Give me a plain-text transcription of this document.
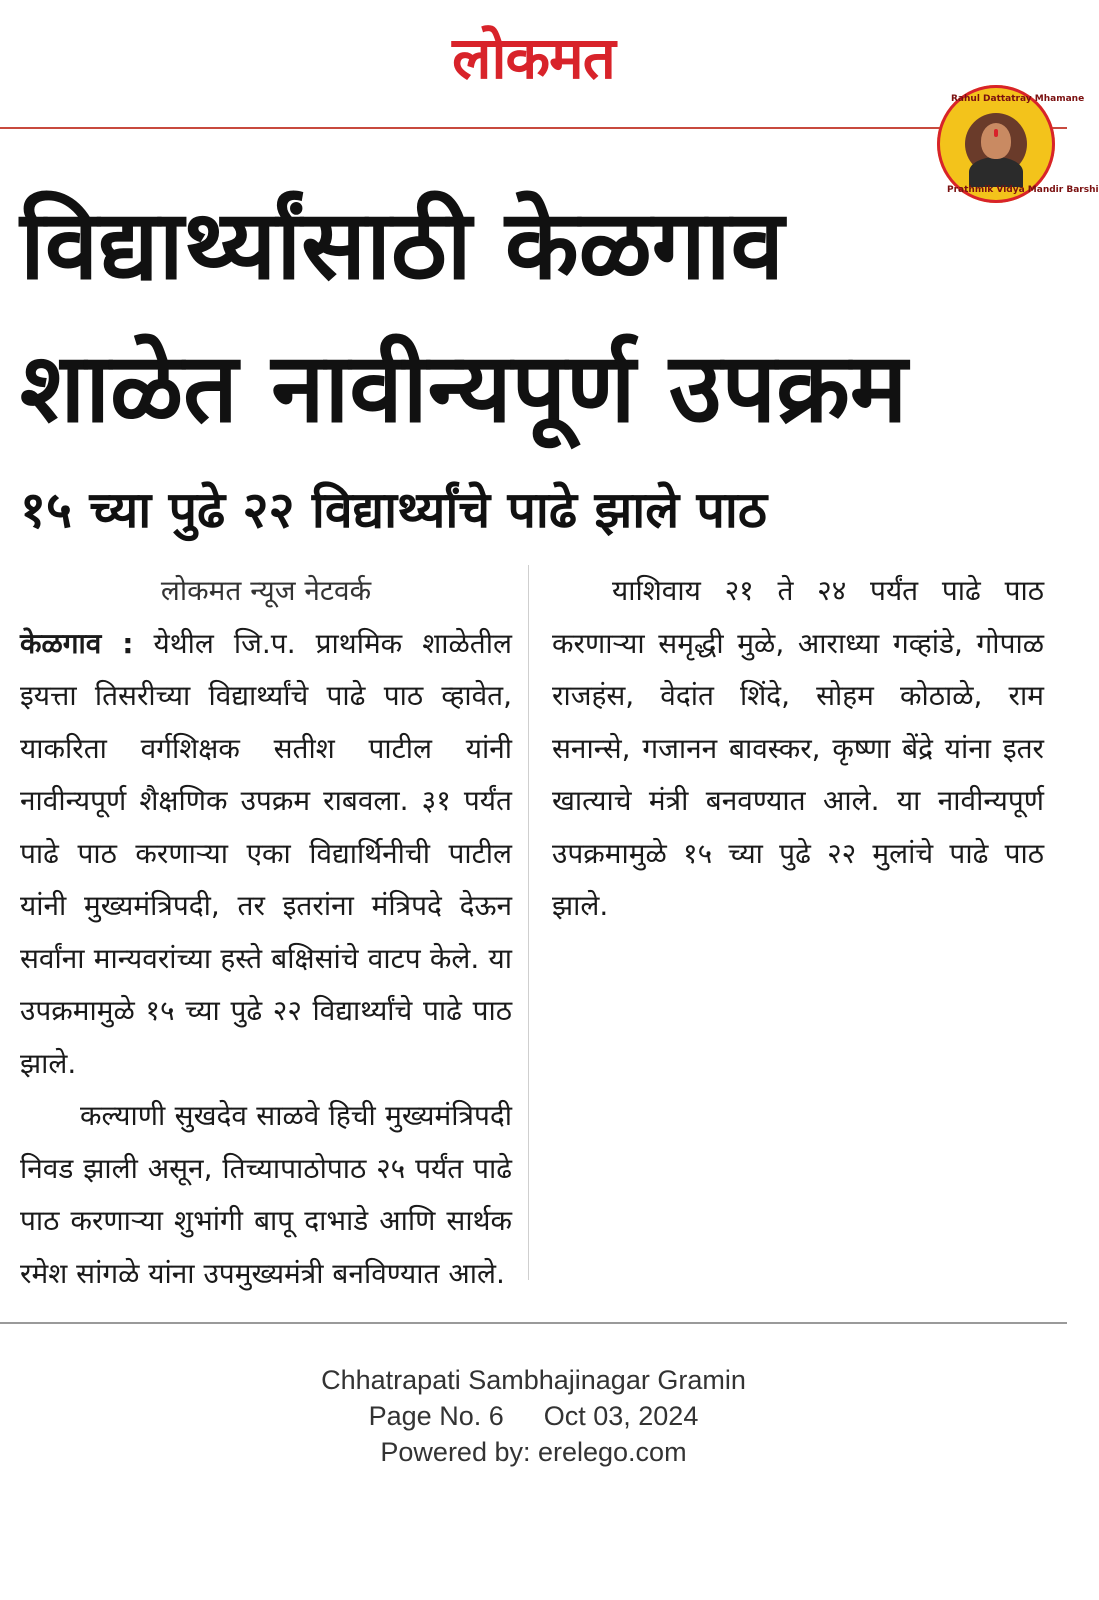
लोकमत
Rahul Dattatray Mhamane
Prathmik Vidya Mandir Barshi
विद्यार्थ्यांसाठी केळगाव
शाळेत नावीन्यपूर्ण उपक्रम
१५ च्या पुढे २२ विद्यार्थ्यांचे पाढे झाले पाठ
लोकमत न्यूज नेटवर्क

केळगाव : येथील जि.प. प्राथमिक शाळेतील इयत्ता तिसरीच्या विद्यार्थ्यांचे पाढे पाठ व्हावेत, याकरिता वर्गशिक्षक सतीश पाटील यांनी नावीन्यपूर्ण शैक्षणिक उपक्रम राबवला. ३१ पर्यंत पाढे पाठ करणाऱ्या एका विद्यार्थिनीची पाटील यांनी मुख्यमंत्रिपदी, तर इतरांना मंत्रिपदे देऊन सर्वांना मान्यवरांच्या हस्ते बक्षिसांचे वाटप केले. या उपक्रमामुळे १५ च्या पुढे २२ विद्यार्थ्यांचे पाढे पाठ झाले.

कल्याणी सुखदेव साळवे हिची मुख्यमंत्रिपदी निवड झाली असून, तिच्यापाठोपाठ २५ पर्यंत पाढे पाठ करणाऱ्या शुभांगी बापू दाभाडे आणि सार्थक रमेश सांगळे यांना उपमुख्यमंत्री बनविण्यात आले.

याशिवाय २१ ते २४ पर्यंत पाढे पाठ करणाऱ्या समृद्धी मुळे, आराध्या गव्हांडे, गोपाळ राजहंस, वेदांत शिंदे, सोहम कोठाळे, राम सनान्से, गजानन बावस्कर, कृष्णा बेंद्रे यांना इतर खात्याचे मंत्री बनवण्यात आले. या नावीन्यपूर्ण उपक्रमामुळे १५ च्या पुढे २२ मुलांचे पाढे पाठ झाले.

Chhatrapati Sambhajinagar Gramin
Page No. 6 Oct 03, 2024
Powered by: erelego.com
